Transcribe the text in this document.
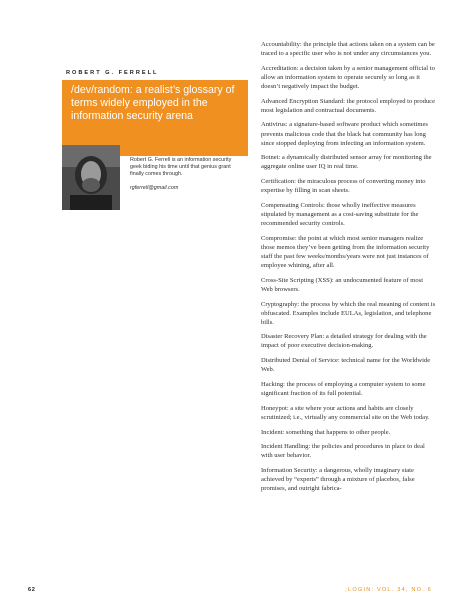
ROBERT G. FERRELL
/dev/random: a realist’s glossary of terms widely employed in the information security arena

Robert G. Ferrell is an information security geek biding his time until that genius grant finally comes through.

rgferrell@gmail.com

Accountability: the principle that actions taken on a system can be traced to a specific user who is not under any circumstances you.

Accreditation: a decision taken by a senior management official to allow an information system to operate securely so long as it doesn’t negatively impact the budget.

Advanced Encryption Standard: the protocol employed to produce most legislation and contractual documents.

Antivirus: a signature-based software product which sometimes prevents malicious code that the black hat community has long since stopped deploying from infecting an information system.

Botnet: a dynamically distributed sensor array for monitoring the aggregate online user IQ in real time.

Certification: the miraculous process of converting money into expertise by filling in scan sheets.

Compensating Controls: those wholly ineffective measures stipulated by management as a cost-saving substitute for the recommended security controls.

Compromise: the point at which most senior managers realize those memos they’ve been getting from the information security staff the past few weeks/months/years were not just instances of employee whining, after all.

Cross-Site Scripting (XSS): an undocumented feature of most Web browsers.

Cryptography: the process by which the real meaning of content is obfuscated. Examples include EULAs, legislation, and telephone bills.

Disaster Recovery Plan: a detailed strategy for dealing with the impact of poor executive decision-making.

Distributed Denial of Service: technical name for the Worldwide Web.

Hacking: the process of employing a computer system to some significant fraction of its full potential.

Honeypot: a site where your actions and habits are closely scrutinized; i.e., virtually any commercial site on the Web today.

Incident: something that happens to other people.

Incident Handling: the policies and procedures in place to deal with user behavior.

Information Security: a dangerous, wholly imaginary state achieved by “experts” through a mixture of placebos, false promises, and outright fabrica-

62	;LOGIN: VOL. 34, NO. 6
